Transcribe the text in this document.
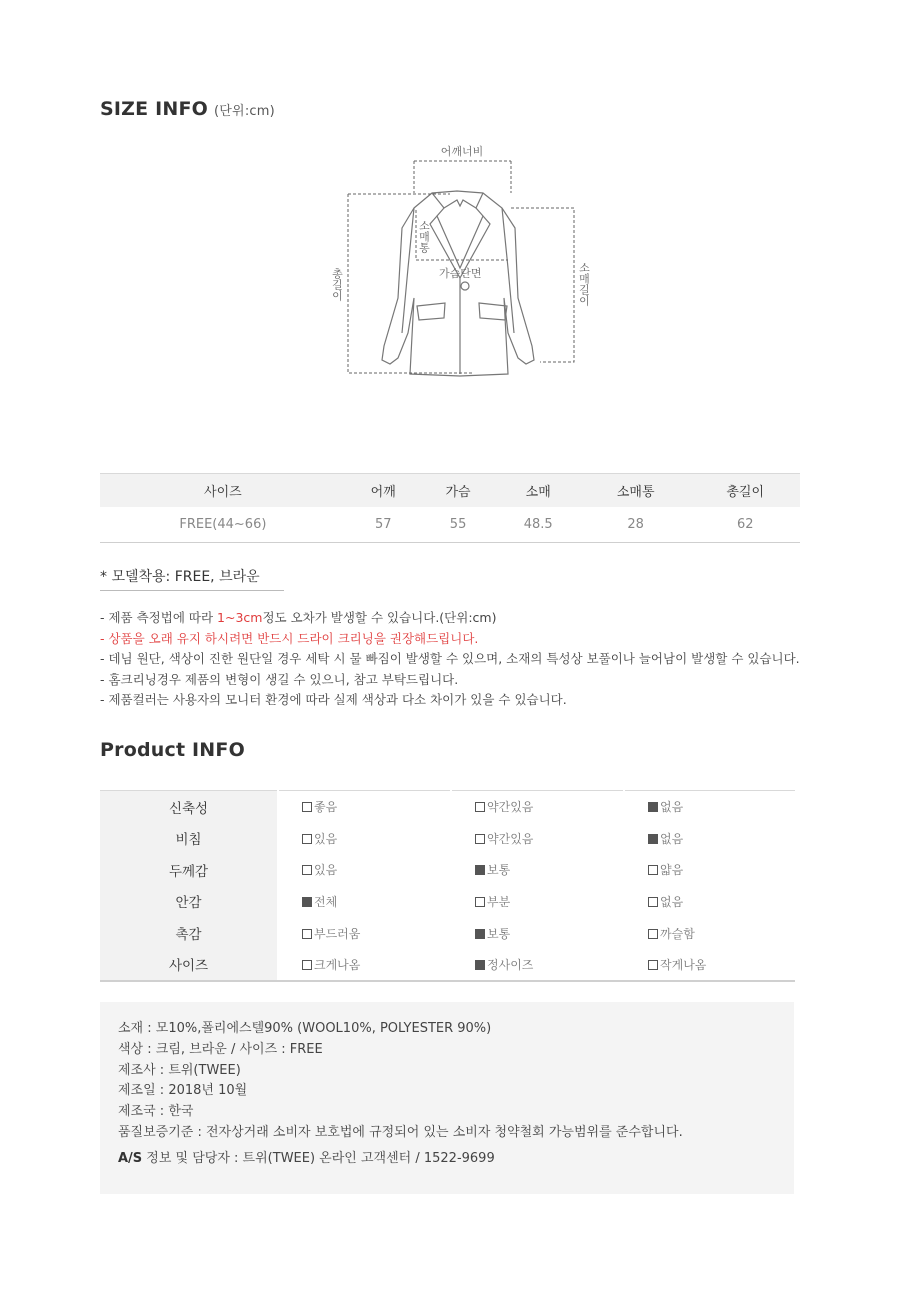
SIZE INFO (단위:cm)
어깨너비
가슴단면
소매통
총길이	소매길이
사이즈	어깨	가슴	소매	소매통	총길이
FREE(44~66)	57	55	48.5	28	62
* 모델착용: FREE, 브라운
- 제품 측정법에 따라 1~3cm정도 오차가 발생할 수 있습니다.(단위:cm)
- 상품을 오래 유지 하시려면 반드시 드라이 크리닝을 권장해드립니다.
- 데님 원단, 색상이 진한 원단일 경우 세탁 시 물 빠짐이 발생할 수 있으며, 소재의 특성상 보풀이나 늘어남이 발생할 수 있습니다.
- 홈크리닝경우 제품의 변형이 생길 수 있으니, 참고 부탁드립니다.
- 제품컬러는 사용자의 모니터 환경에 따라 실제 색상과 다소 차이가 있을 수 있습니다.
Product INFO
신축성	좋음	약간있음	없음
비침	있음	약간있음	없음
두께감	있음	보통	얇음
안감	전체	부분	없음
촉감	부드러움	보통	까슬함
사이즈	크게나옴	정사이즈	작게나옴
소재 : 모10%,폴리에스텔90% (WOOL10%, POLYESTER 90%)
색상 : 크림, 브라운 / 사이즈 : FREE
제조사 : 트위(TWEE)
제조일 : 2018년 10월
제조국 : 한국
품질보증기준 : 전자상거래 소비자 보호법에 규정되어 있는 소비자 청약철회 가능범위를 준수합니다.
A/S 정보 및 담당자 : 트위(TWEE) 온라인 고객센터 / 1522-9699
